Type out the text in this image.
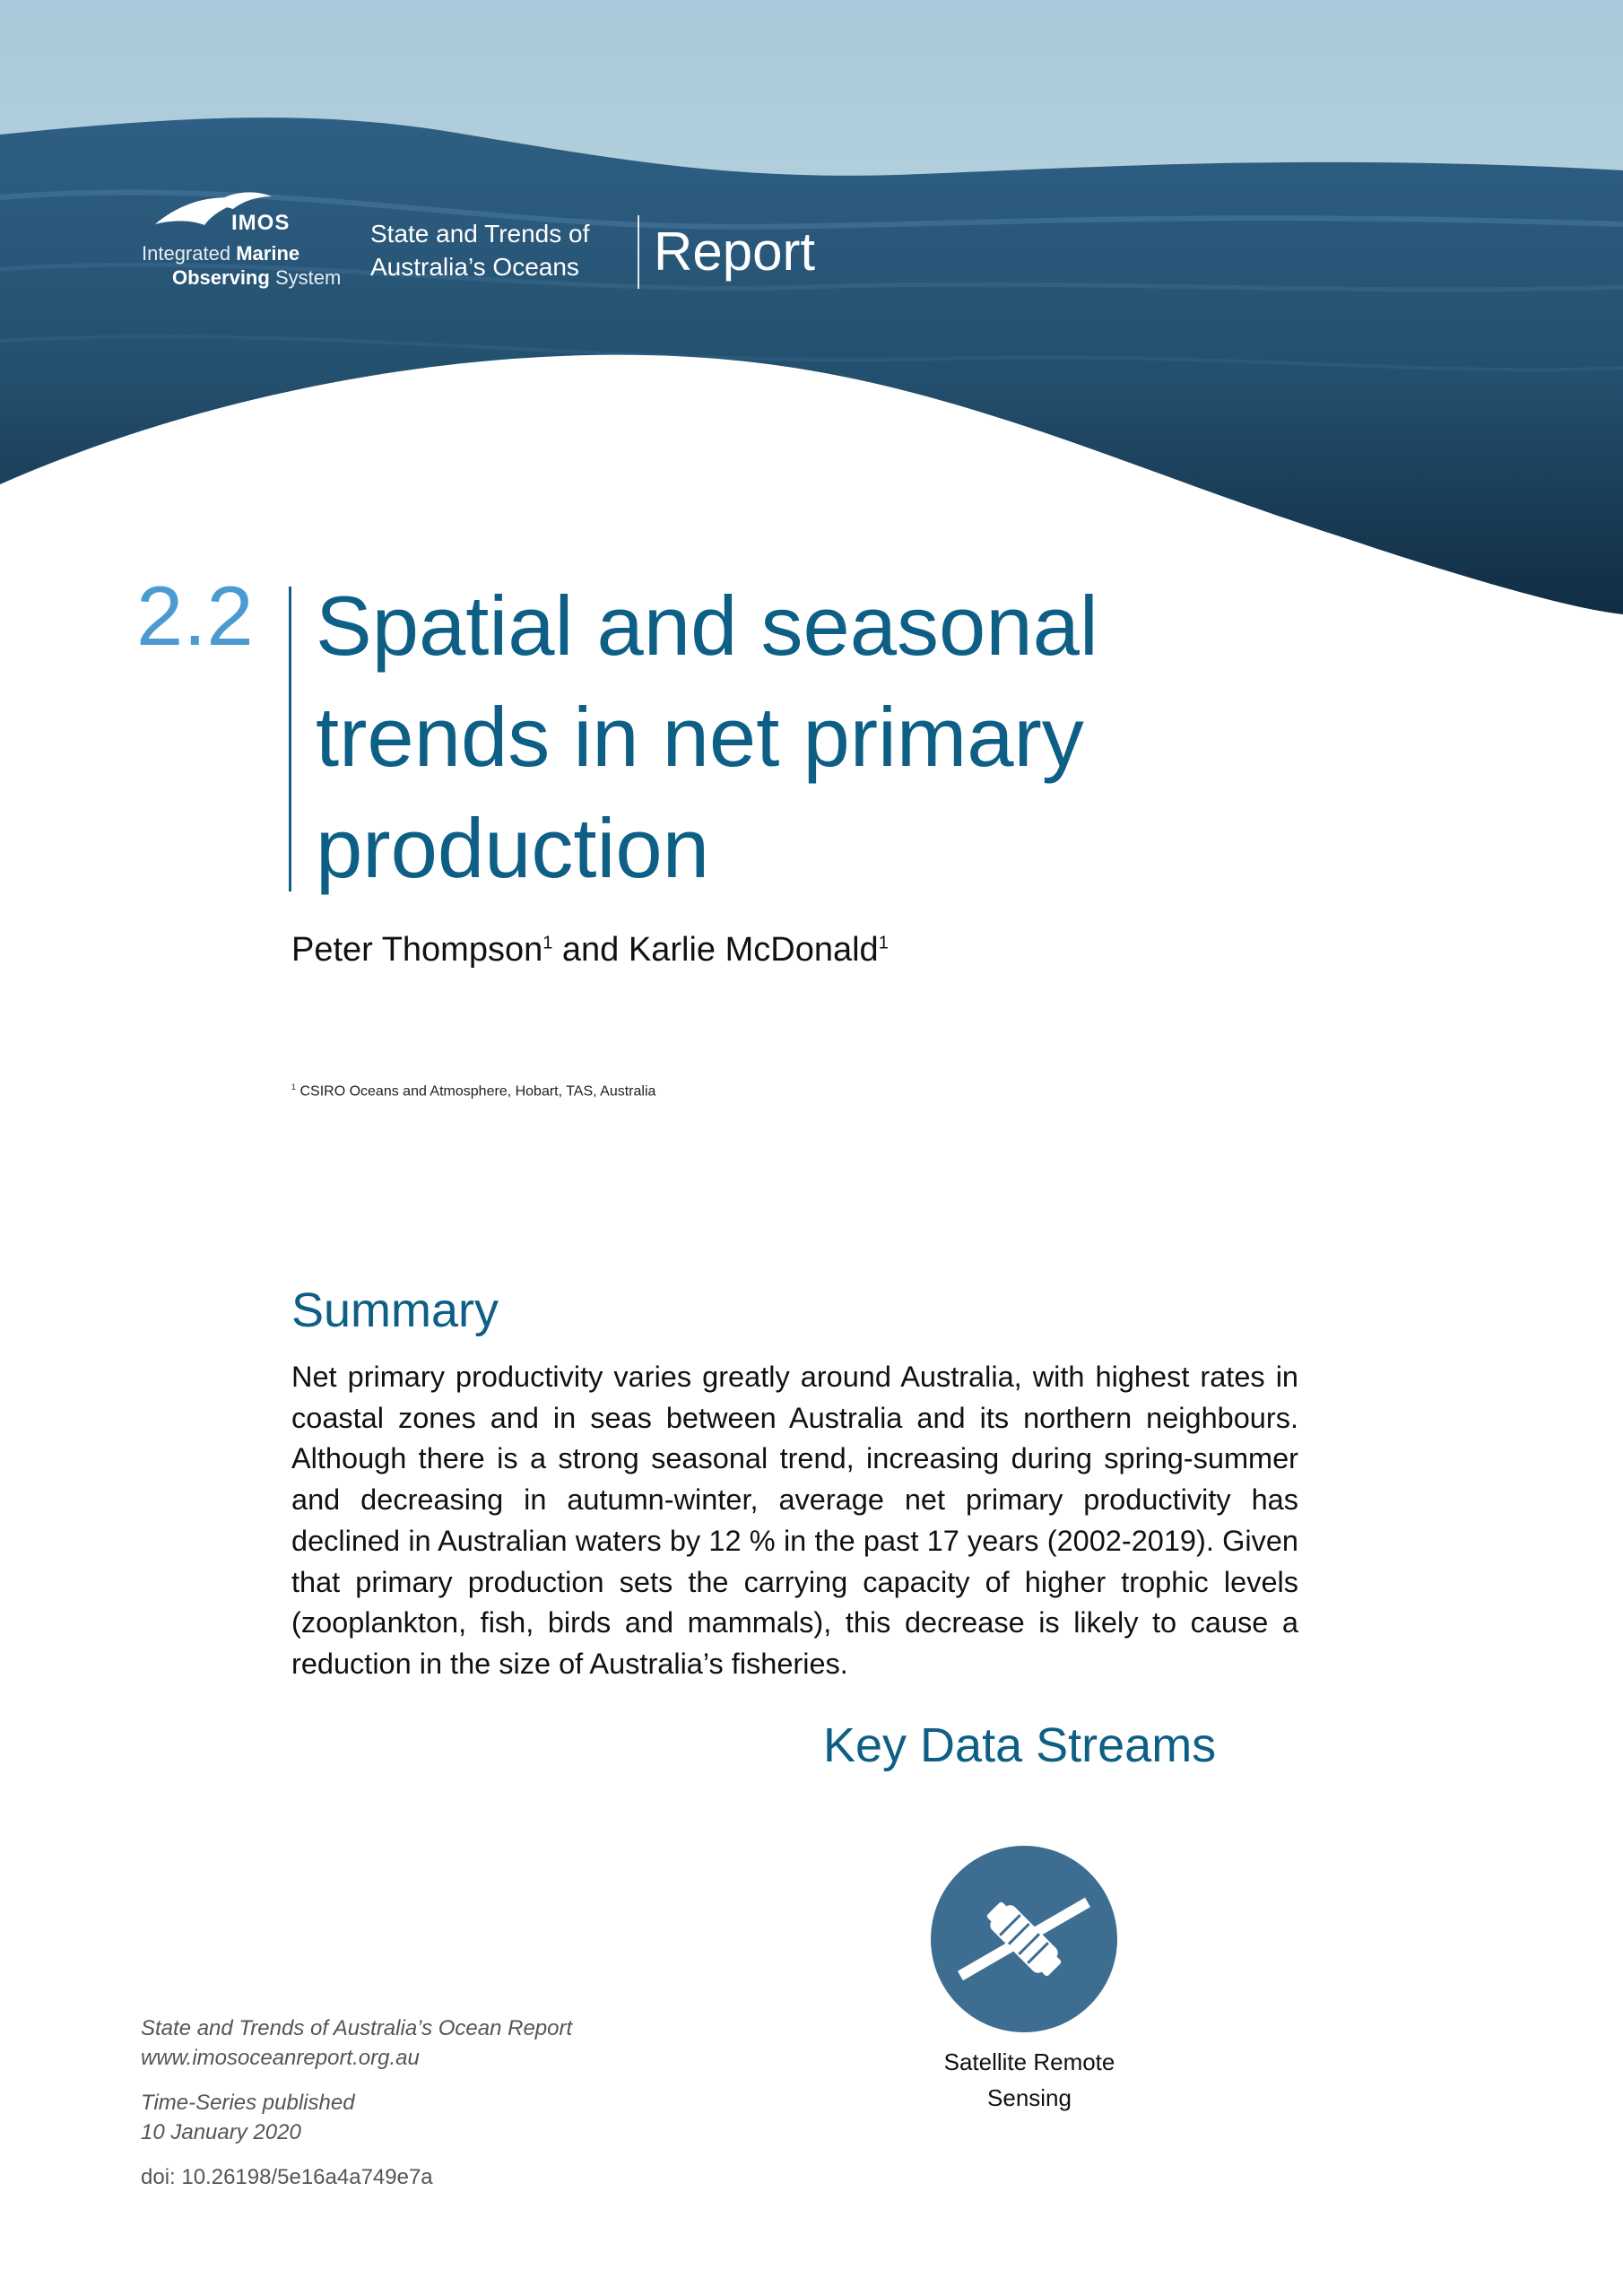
IMOS
Integrated Marine
Observing System
State and Trends of
Australia’s Oceans Report
2.2 Spatial and seasonal trends in net primary production
Peter Thompson$^1$ and Karlie McDonald$^1$
$^1$ CSIRO Oceans and Atmosphere, Hobart, TAS, Australia
Summary

Net primary productivity varies greatly around Australia, with highest rates in coastal zones and in seas between Australia and its northern neighbours. Although there is a strong seasonal trend, increasing during spring-summer and decreasing in autumn-winter, average net primary productivity has declined in Australian waters by 12 % in the past 17 years (2002-2019). Given that primary production sets the carrying capacity of higher trophic levels (zooplankton, fish, birds and mammals), this decrease is likely to cause a reduction in the size of Australia’s fisheries.

Key Data Streams
Satellite Remote
Sensing
State and Trends of Australia’s Ocean Report
www.imosoceanreport.org.au
Time-Series published
10 January 2020
doi: 10.26198/5e16a4a749e7a
